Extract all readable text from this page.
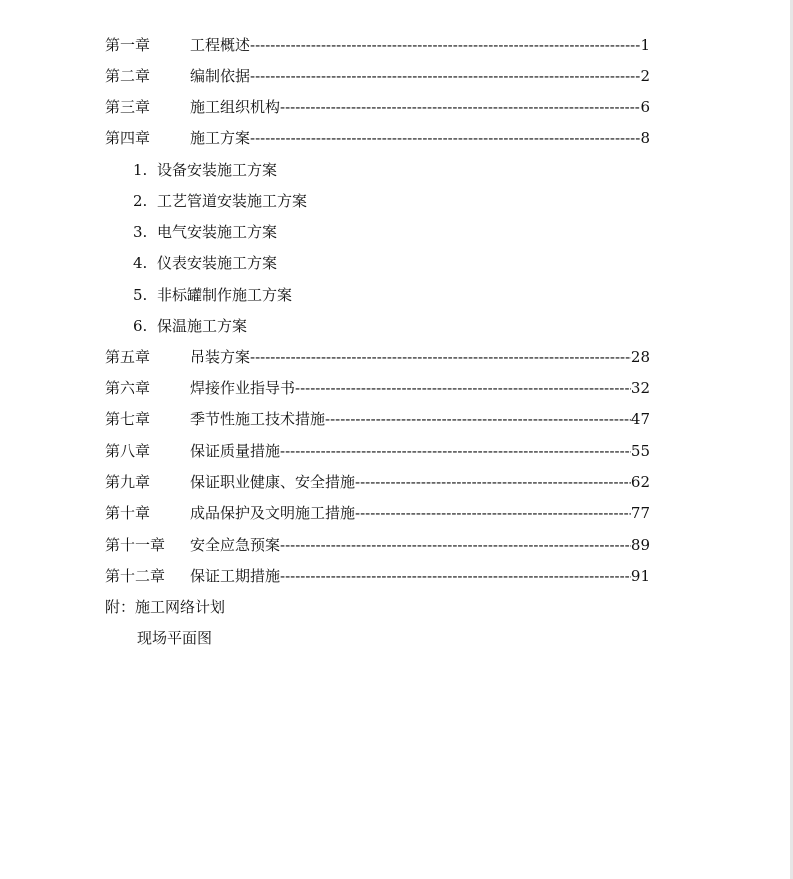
第一章	工程概述 -----	1
第二章	编制依据 -----	2
第三章	施工组织机构 -----	6
第四章	施工方案 -----	8
1. 设备安装施工方案
2. 工艺管道安装施工方案
3. 电气安装施工方案
4. 仪表安装施工方案
5. 非标罐制作施工方案
6. 保温施工方案
第五章	吊装方案 -----	28
第六章	焊接作业指导书 -----	32
第七章	季节性施工技术措施 -----	47
第八章	保证质量措施 -----	55
第九章	保证职业健康、安全措施 -----	62
第十章	成品保护及文明施工措施 -----	77
第十一章	安全应急预案 -----	89
第十二章	保证工期措施 -----	91
附：施工网络计划
现场平面图
